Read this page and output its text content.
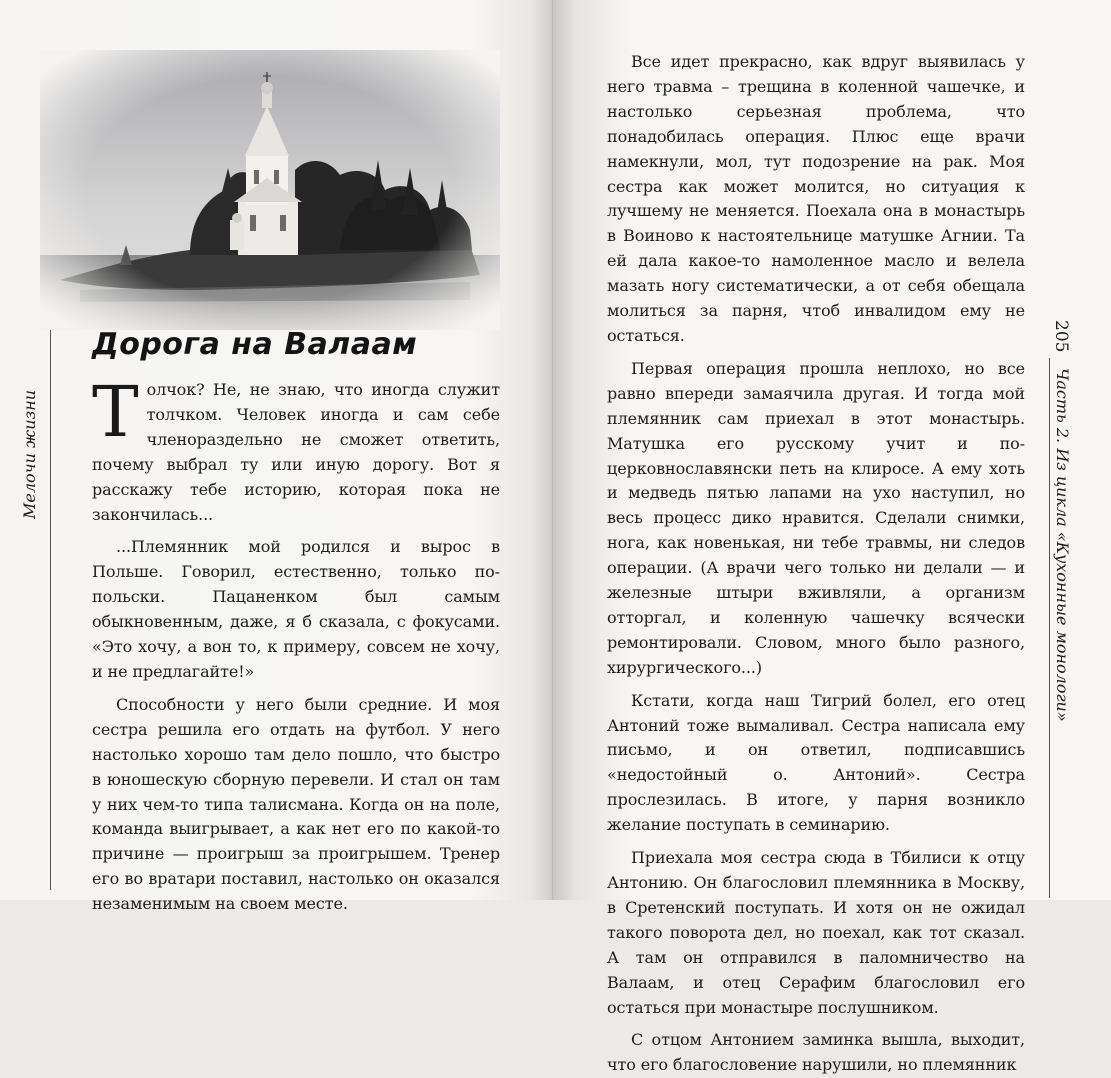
Мелочи жизни
Дорога на Валаам

Толчок? Не, не знаю, что иногда служит толчком. Человек иногда и сам себе членораздельно не сможет ответить, почему выбрал ту или иную дорогу. Вот я расскажу тебе историю, которая пока не закончилась...

...Племянник мой родился и вырос в Польше. Говорил, естественно, только по-польски. Пацаненком был самым обыкновенным, даже, я б сказала, с фокусами. «Это хочу, а вон то, к примеру, совсем не хочу, и не предлагайте!»

Способности у него были средние. И моя сестра решила его отдать на футбол. У него настолько хорошо там дело пошло, что быстро в юношескую сборную перевели. И стал он там у них чем-то типа талисмана. Когда он на поле, команда выигрывает, а как нет его по какой-то причине — проигрыш за проигрышем. Тренер его во вратари поставил, настолько он оказался незаменимым на своем месте.

Все идет прекрасно, как вдруг выявилась у него травма – трещина в коленной чашечке, и настолько серьезная проблема, что понадобилась операция. Плюс еще врачи намекнули, мол, тут подозрение на рак. Моя сестра как может молится, но ситуация к лучшему не меняется. Поехала она в монастырь в Воиново к настоятельнице матушке Агнии. Та ей дала какое-то намоленное масло и велела мазать ногу систематически, а от себя обещала молиться за парня, чтоб инвалидом ему не остаться.

Первая операция прошла неплохо, но все равно впереди замаячила другая. И тогда мой племянник сам приехал в этот монастырь. Матушка его русскому учит и по-церковнославянски петь на клиросе. А ему хоть и медведь пятью лапами на ухо наступил, но весь процесс дико нравится. Сделали снимки, нога, как новенькая, ни тебе травмы, ни следов операции. (А врачи чего только ни делали — и железные штыри вживляли, а организм отторгал, и коленную чашечку всячески ремонтировали. Словом, много было разного, хирургического...)

Кстати, когда наш Тигрий болел, его отец Антоний тоже вымаливал. Сестра написала ему письмо, и он ответил, подписавшись «недостойный о. Антоний». Сестра прослезилась. В итоге, у парня возникло желание поступать в семинарию.

Приехала моя сестра сюда в Тбилиси к отцу Антонию. Он благословил племянника в Москву, в Сретенский поступать. И хотя он не ожидал такого поворота дел, но поехал, как тот сказал. А там он отправился в паломничество на Валаам, и отец Серафим благословил его остаться при монастыре послушником.

С отцом Антонием заминка вышла, выходит, что его благословение нарушили, но племянник

205
Часть 2. Из цикла «Кухонные монологи»
